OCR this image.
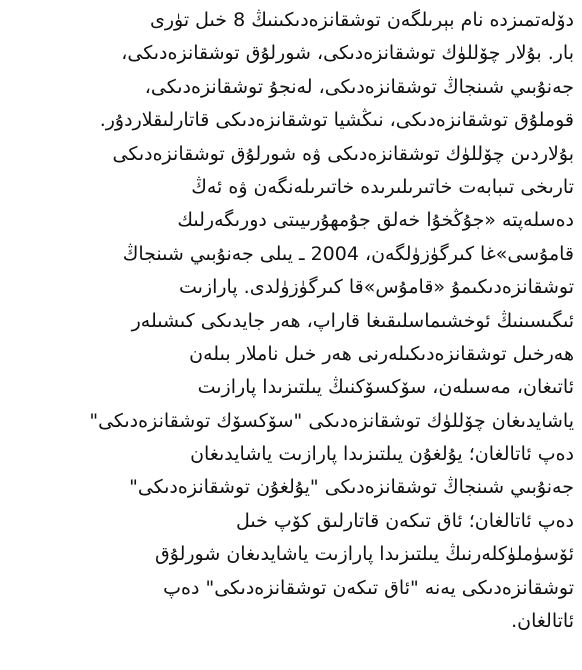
دۆلەتمىزدە نام بېرىلگەن توشقانزەدىكىنىڭ 8 خىل تۈرى
بار. بۇلار چۆللۈك توشقانزەدىكى، شورلۇق توشقانزەدىكى،
جەنۇبىي شىنجاڭ توشقانزەدىكى، لەنجۇ توشقانزەدىكى،
قوملۇق توشقانزەدىكى، نىڭشيا توشقانزەدىكى قاتارلىقلاردۇر.
بۇلاردىن چۆللۈك توشقانزەدىكى ۋە شورلۇق توشقانزەدىكى
تارىخى تىبابەت خاتىرىلىرىدە خاتىرىلەنگەن ۋە ئەڭ
دەسلەپتە «جۇڭخۇا خەلق جۇمھۇرىيىتى دورىگەرلىك
قامۇسى»غا كىرگۈزۈلگەن، 2004 ـ يىلى جەنۇبىي شىنجاڭ
توشقانزەدىكىمۇ «قامۇس»قا كىرگۈزۈلدى. پارازىت
ئىگىسىنىڭ ئوخشىماسلىقىغا قاراپ، ھەر جايدىكى كىشىلەر
ھەرخىل توشقانزەدىكىلەرنى ھەر خىل ناملار بىلەن
ئاتىغان، مەسىلەن، سۆكسۆكنىڭ يىلتىزىدا پارازىت
ياشايدىغان چۆللۈك توشقانزەدىكى "سۆكسۆك توشقانزەدىكى"
دەپ ئاتالغان؛ يۇلغۇن يىلتىزىدا پارازىت ياشايدىغان
جەنۇبىي شىنجاڭ توشقانزەدىكى "يۇلغۇن توشقانزەدىكى"
دەپ ئاتالغان؛ ئاق تىكەن قاتارلىق كۆپ خىل
ئۆسۈملۈكلەرنىڭ يىلتىزىدا پارازىت ياشايدىغان شورلۇق
توشقانزەدىكى يەنە "ئاق تىكەن توشقانزەدىكى" دەپ
ئاتالغان.
